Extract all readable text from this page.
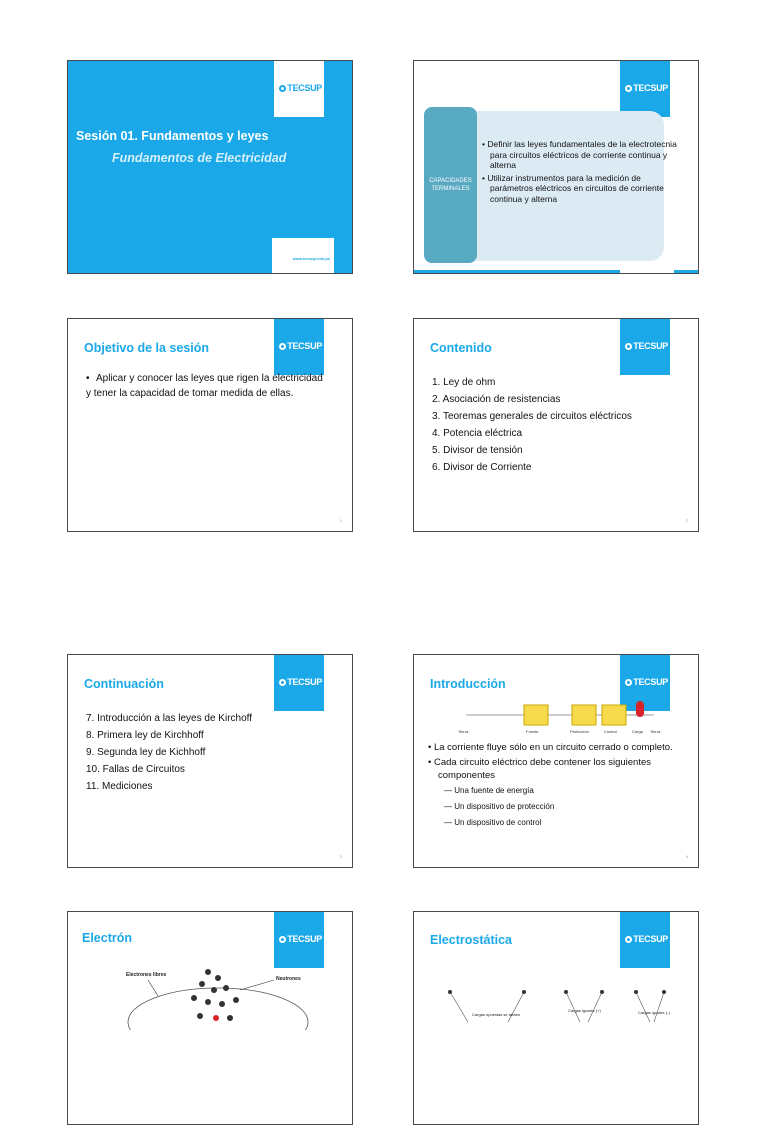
TECSUP
Sesión 01. Fundamentos y leyes
Fundamentos de Electricidad
www.tecsup.edu.pe
TECSUP
CAPACIDADES TERMINALES

• Definir las leyes fundamentales de la electrotecnia para circuitos eléctricos de corriente continua y alterna

• Utilizar instrumentos para la medición de parámetros eléctricos en circuitos de corriente continua y alterna

TECSUP
Objetivo de la sesión
• Aplicar y conocer las leyes que rigen la electricidad y tener la capacidad de tomar medida de ellas.
1
TECSUP
Contenido
1. Ley de ohm
2. Asociación de resistencias
3. Teoremas generales de circuitos eléctricos
4. Potencia eléctrica
5. Divisor de tensión
6. Divisor de Corriente
2
TECSUP
Continuación
7. Introducción a las leyes de Kirchoff
8. Primera ley de Kirchhoff
9. Segunda ley de Kichhoff
10. Fallas de Circuitos
11. Mediciones
3
TECSUP
Introducción
Tierra	Fuente	Protección	Control	Carga Tierra

• La corriente fluye sólo en un circuito cerrado o completo.

• Cada circuito eléctrico debe contener los siguientes componentes

— Una fuente de energía

— Un dispositivo de protección

— Un dispositivo de control

4
TECSUP
Electrón
Electrones libres
Neutrones
TECSUP
Electrostática
Cargas opuestas se atraen
Cargas iguales (+)	Cargas iguales (-)
